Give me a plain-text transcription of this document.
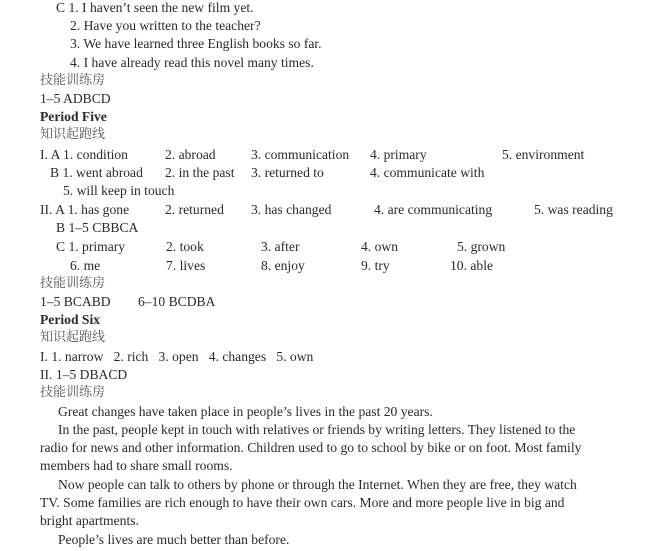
C 1. I haven’t seen the new film yet.
2. Have you written to the teacher?
3. We have learned three English books so far.
4. I have already read this novel many times.
技能训练房
1–5 ADBCD
Period Five
知识起跑线
I. A 1. condition	2. abroad	3. communication 4. primary	5. environment
B 1. went abroad 2. in the past 3. returned to	4. communicate with
5. will keep in touch
II. A 1. has gone	2. returned 3. has changed	4. are communicating	5. was reading
B 1–5 CBBCA
C 1. primary	2. took	3. after	4. own	5. grown
6. me	7. lives	8. enjoy	9. try	10. able
技能训练房
1–5 BCABD 6–10 BCDBA
Period Six
知识起跑线
I. 1. narrow   2. rich   3. open   4. changes   5. own
II. 1–5 DBACD
技能训练房
Great changes have taken place in people’s lives in the past 20 years.
In the past, people kept in touch with relatives or friends by writing letters. They listened to the
radio for news and other information. Children used to go to school by bike or on foot. Most family
members had to share small rooms.
Now people can talk to others by phone or through the Internet. When they are free, they watch
TV. Some families are rich enough to have their own cars. More and more people live in big and
bright apartments.
People’s lives are much better than before.
